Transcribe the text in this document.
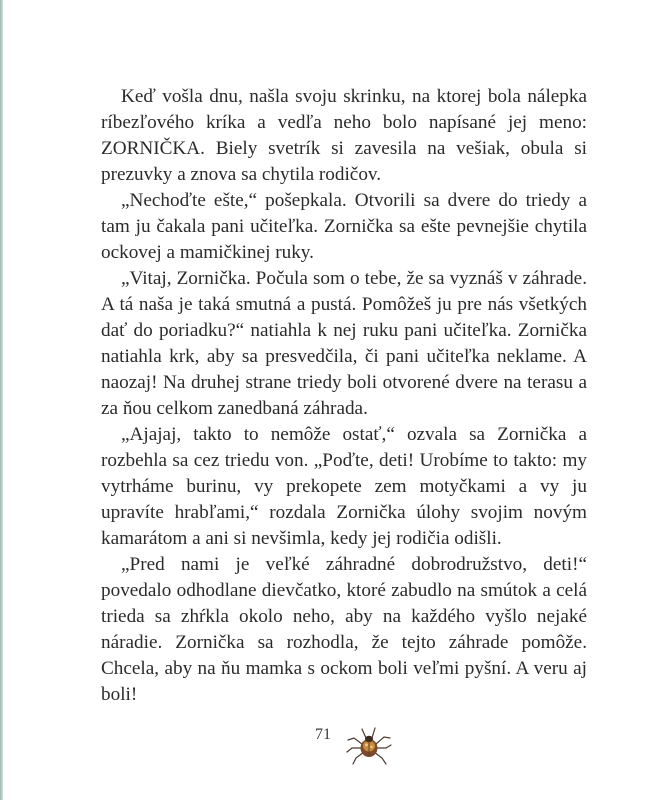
Keď vošla dnu, našla svoju skrinku, na ktorej bola nálepka ríbezľového kríka a vedľa neho bolo napísané jej meno: ZORNIČKA. Biely svetrík si zavesila na vešiak, obula si prezuvky a znova sa chytila rodičov.

„Nechoďte ešte,“ pošepkala. Otvorili sa dvere do triedy a tam ju čakala pani učiteľka. Zornička sa ešte pevnejšie chytila ockovej a mamičkinej ruky.

„Vitaj, Zornička. Počula som o tebe, že sa vyznáš v záhrade. A tá naša je taká smutná a pustá. Pomôžeš ju pre nás všetkých dať do poriadku?“ natiahla k nej ruku pani učiteľka. Zornička natiahla krk, aby sa presvedčila, či pani učiteľka neklame. A naozaj! Na druhej strane triedy boli otvorené dvere na terasu a za ňou celkom zanedbaná záhrada.

„Ajajaj, takto to nemôže ostať,“ ozvala sa Zornička a rozbehla sa cez triedu von. „Poďte, deti! Urobíme to takto: my vytrháme burinu, vy prekopete zem motyčkami a vy ju upravíte hrabľami,“ rozdala Zornička úlohy svojim novým kamarátom a ani si nevšimla, kedy jej rodičia odišli.

„Pred nami je veľké záhradné dobrodružstvo, deti!“ povedalo odhodlane dievčatko, ktoré zabudlo na smútok a celá trieda sa zhŕkla okolo neho, aby na každého vyšlo nejaké náradie. Zornička sa rozhodla, že tejto záhrade pomôže. Chcela, aby na ňu mamka s ockom boli veľmi pyšní. A veru aj boli!

71
